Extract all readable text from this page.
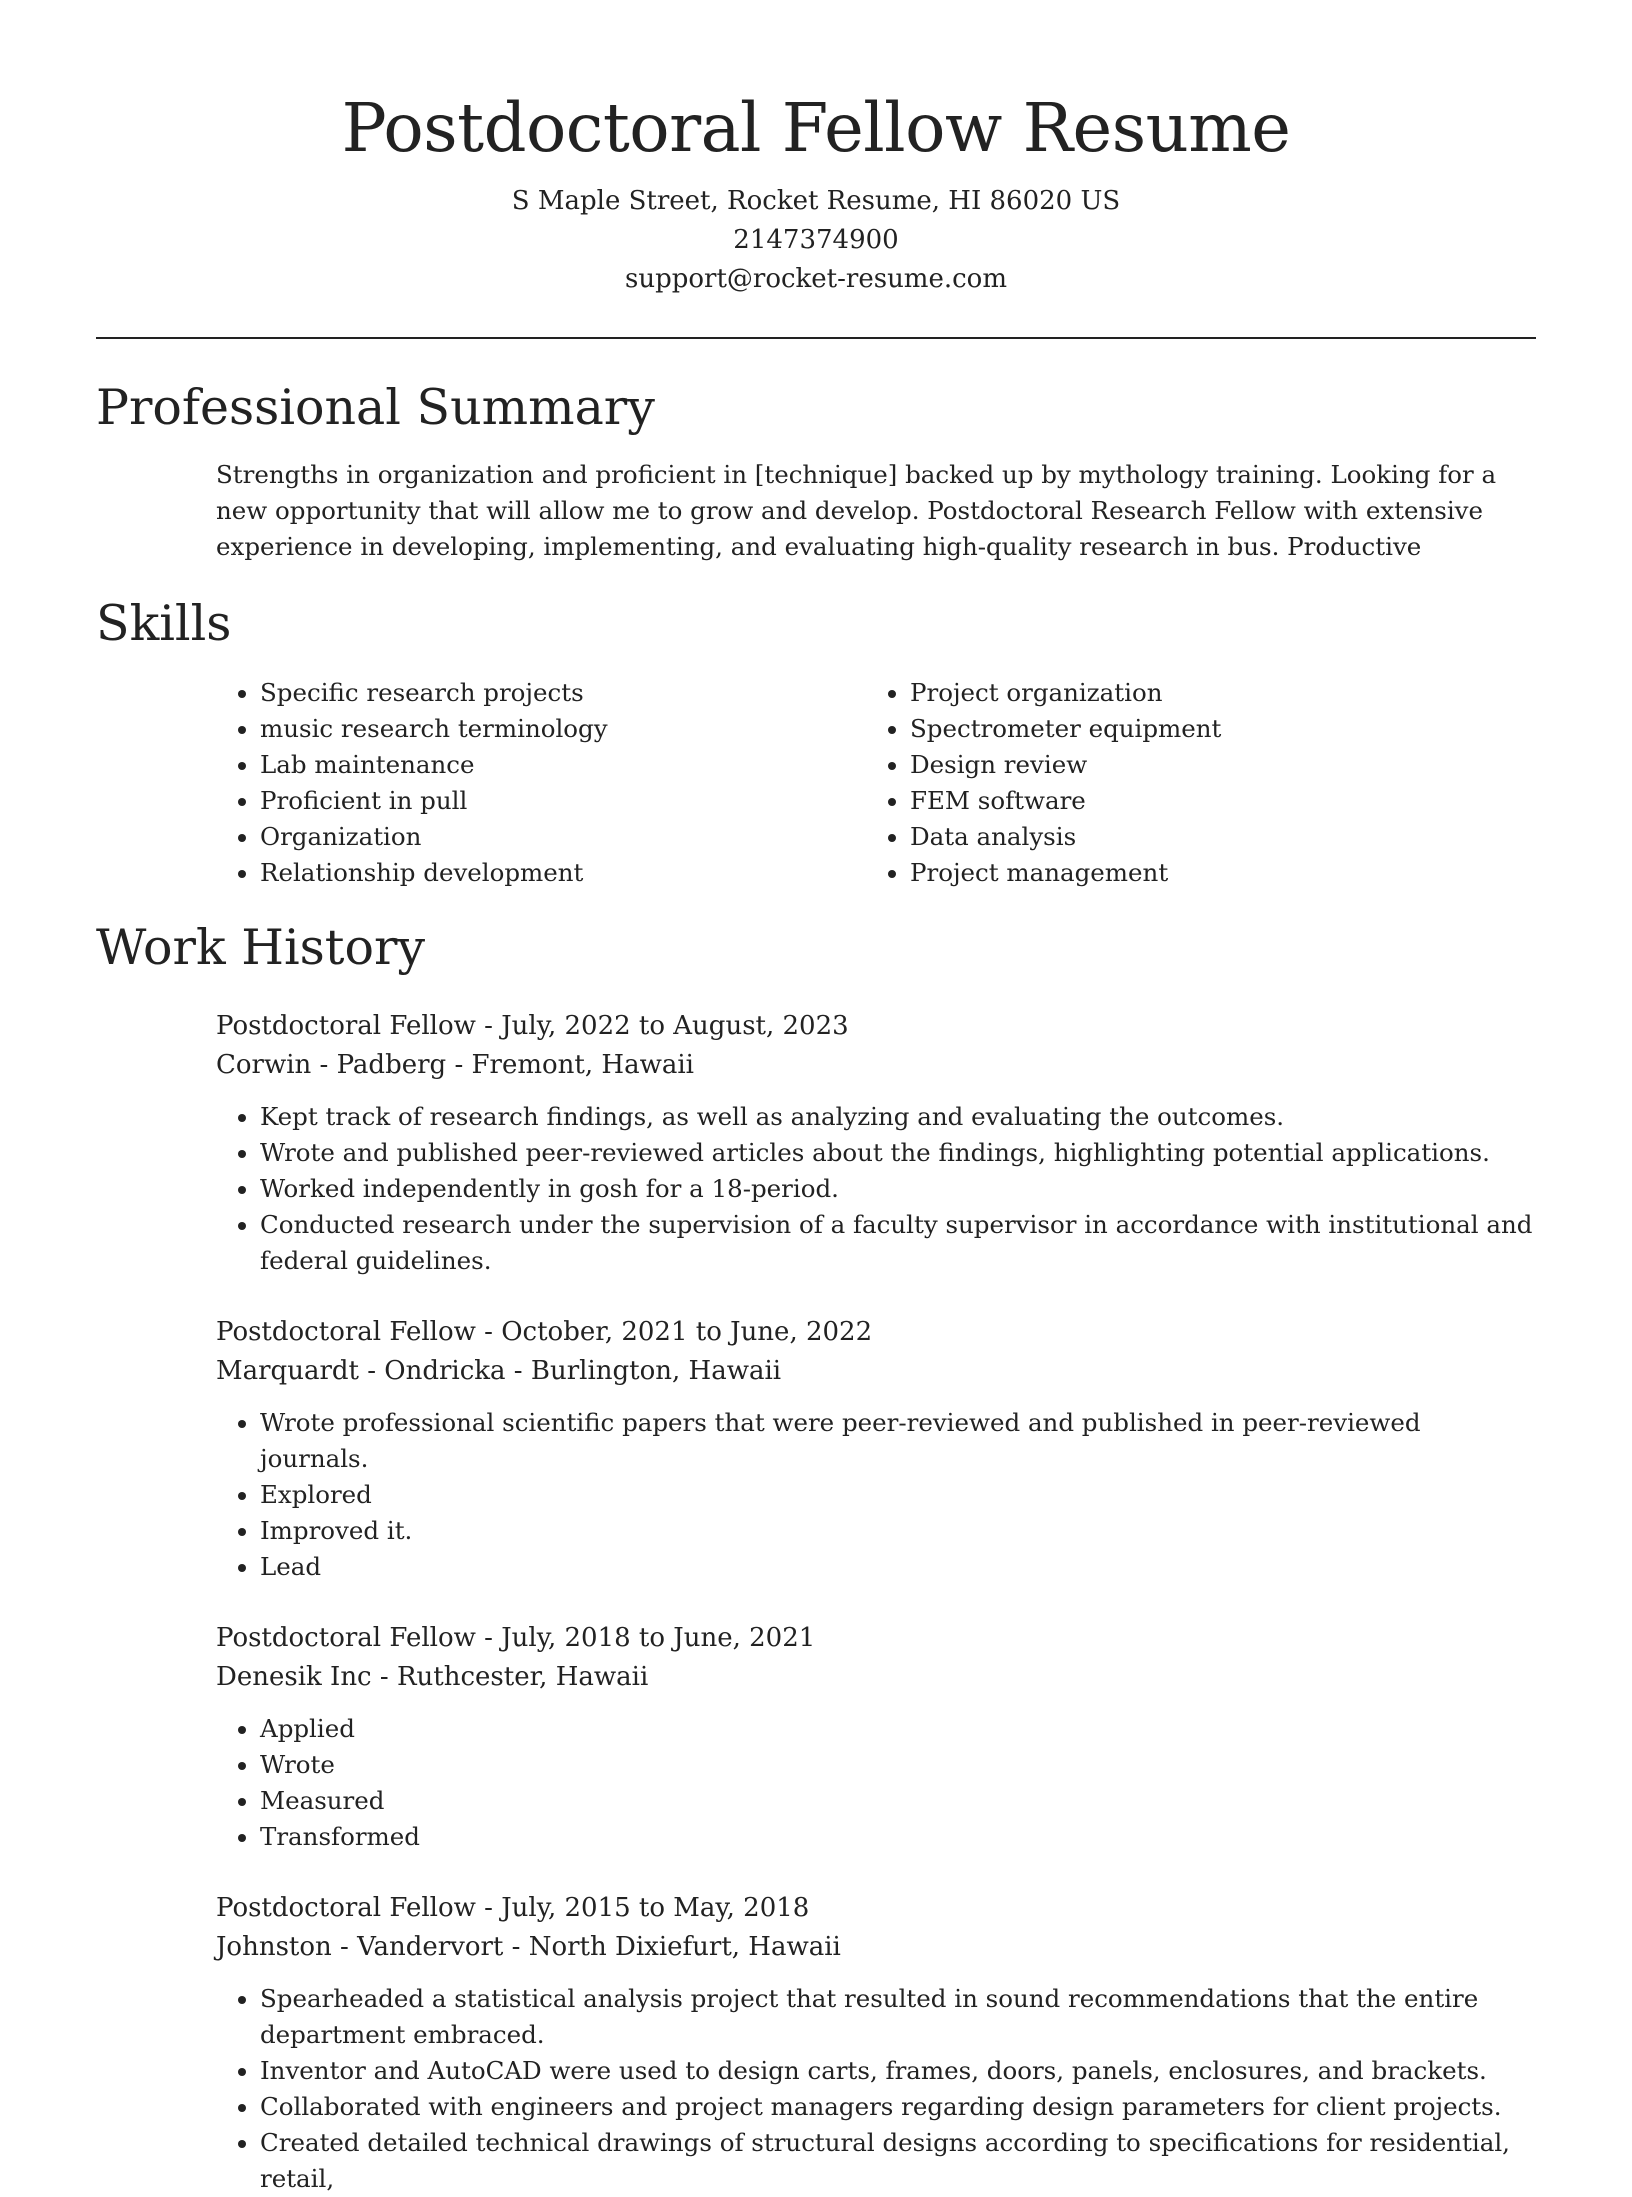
Postdoctoral Fellow Resume
S Maple Street, Rocket Resume, HI 86020 US
2147374900
support@rocket-resume.com
Professional Summary

Strengths in organization and proficient in [technique] backed up by mythology training. Looking for a new opportunity that will allow me to grow and develop. Postdoctoral Research Fellow with extensive experience in developing, implementing, and evaluating high-quality research in bus. Productive

Skills
• Specific research projects
• music research terminology
• Lab maintenance
• Proficient in pull
• Organization
• Relationship development
• Project organization
• Spectrometer equipment
• Design review
• FEM software
• Data analysis
• Project management
Work History
Postdoctoral Fellow - July, 2022 to August, 2023
Corwin - Padberg - Fremont, Hawaii
• Kept track of research findings, as well as analyzing and evaluating the outcomes.
• Wrote and published peer-reviewed articles about the findings, highlighting potential applications.
• Worked independently in gosh for a 18-period.
• Conducted research under the supervision of a faculty supervisor in accordance with institutional and federal guidelines.
Postdoctoral Fellow - October, 2021 to June, 2022
Marquardt - Ondricka - Burlington, Hawaii
• Wrote professional scientific papers that were peer-reviewed and published in peer-reviewed journals.
• Explored
• Improved it.
• Lead
Postdoctoral Fellow - July, 2018 to June, 2021
Denesik Inc - Ruthcester, Hawaii
• Applied
• Wrote
• Measured
• Transformed
Postdoctoral Fellow - July, 2015 to May, 2018
Johnston - Vandervort - North Dixiefurt, Hawaii
• Spearheaded a statistical analysis project that resulted in sound recommendations that the entire department embraced.
• Inventor and AutoCAD were used to design carts, frames, doors, panels, enclosures, and brackets.
• Collaborated with engineers and project managers regarding design parameters for client projects.
• Created detailed technical drawings of structural designs according to specifications for residential, retail,
